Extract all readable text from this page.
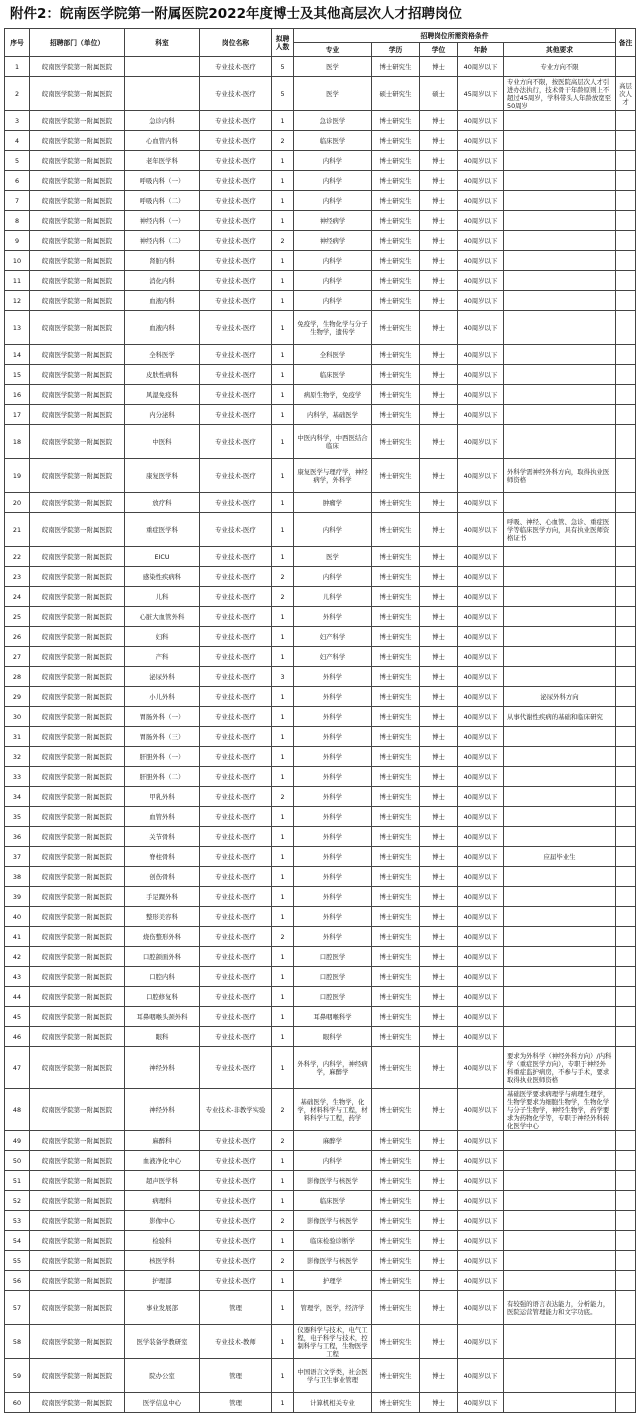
附件2：皖南医学院第一附属医院2022年度博士及其他高层次人才招聘岗位
序号	招聘部门（单位）	科室	岗位名称	拟聘人数	招聘岗位所需资格条件					备注
					专业	学历	学位	年龄	其他要求	
1	皖南医学院第一附属医院		专业技术-医疗	5	医学	博士研究生	博士	40周岁以下	专业方向不限	
2	皖南医学院第一附属医院		专业技术-医疗	5	医学	硕士研究生	硕士	45周岁以下	专业方向不限，按医院高层次人才引进办法执行，技术骨干年龄原则上不超过45周岁，学科带头人年龄放宽至50周岁	高层次人才
3	皖南医学院第一附属医院	急诊内科	专业技术-医疗	1	急诊医学	博士研究生	博士	40周岁以下		
4	皖南医学院第一附属医院	心血管内科	专业技术-医疗	2	临床医学	博士研究生	博士	40周岁以下		
5	皖南医学院第一附属医院	老年医学科	专业技术-医疗	1	内科学	博士研究生	博士	40周岁以下		
6	皖南医学院第一附属医院	呼吸内科（一）	专业技术-医疗	1	内科学	博士研究生	博士	40周岁以下		
7	皖南医学院第一附属医院	呼吸内科（二）	专业技术-医疗	1	内科学	博士研究生	博士	40周岁以下		
8	皖南医学院第一附属医院	神经内科（一）	专业技术-医疗	1	神经病学	博士研究生	博士	40周岁以下		
9	皖南医学院第一附属医院	神经内科（二）	专业技术-医疗	2	神经病学	博士研究生	博士	40周岁以下		
10	皖南医学院第一附属医院	肾脏内科	专业技术-医疗	1	内科学	博士研究生	博士	40周岁以下		
11	皖南医学院第一附属医院	消化内科	专业技术-医疗	1	内科学	博士研究生	博士	40周岁以下		
12	皖南医学院第一附属医院	血液内科	专业技术-医疗	1	内科学	博士研究生	博士	40周岁以下		
13	皖南医学院第一附属医院	血液内科	专业技术-医疗	1	免疫学，生物化学与分子生物学，遗传学	博士研究生	博士	40周岁以下		
14	皖南医学院第一附属医院	全科医学	专业技术-医疗	1	全科医学	博士研究生	博士	40周岁以下		
15	皖南医学院第一附属医院	皮肤性病科	专业技术-医疗	1	临床医学	博士研究生	博士	40周岁以下		
16	皖南医学院第一附属医院	风湿免疫科	专业技术-医疗	1	病原生物学，免疫学	博士研究生	博士	40周岁以下		
17	皖南医学院第一附属医院	内分泌科	专业技术-医疗	1	内科学，基础医学	博士研究生	博士	40周岁以下		
18	皖南医学院第一附属医院	中医科	专业技术-医疗	1	中医内科学，中西医结合临床	博士研究生	博士	40周岁以下		
19	皖南医学院第一附属医院	康复医学科	专业技术-医疗	1	康复医学与理疗学，神经病学，外科学	博士研究生	博士	40周岁以下	外科学需神经外科方向，取得执业医师资格	
20	皖南医学院第一附属医院	放疗科	专业技术-医疗	1	肿瘤学	博士研究生	博士	40周岁以下		
21	皖南医学院第一附属医院	重症医学科	专业技术-医疗	1	内科学	博士研究生	博士	40周岁以下	呼吸、神经、心血管、急诊、重症医学等临床医学方向，具有执业医师资格证书	
22	皖南医学院第一附属医院	EICU	专业技术-医疗	1	医学	博士研究生	博士	40周岁以下		
23	皖南医学院第一附属医院	感染性疾病科	专业技术-医疗	2	内科学	博士研究生	博士	40周岁以下		
24	皖南医学院第一附属医院	儿科	专业技术-医疗	2	儿科学	博士研究生	博士	40周岁以下		
25	皖南医学院第一附属医院	心脏大血管外科	专业技术-医疗	1	外科学	博士研究生	博士	40周岁以下		
26	皖南医学院第一附属医院	妇科	专业技术-医疗	1	妇产科学	博士研究生	博士	40周岁以下		
27	皖南医学院第一附属医院	产科	专业技术-医疗	1	妇产科学	博士研究生	博士	40周岁以下		
28	皖南医学院第一附属医院	泌尿外科	专业技术-医疗	3	外科学	博士研究生	博士	40周岁以下		
29	皖南医学院第一附属医院	小儿外科	专业技术-医疗	1	外科学	博士研究生	博士	40周岁以下	泌尿外科方向	
30	皖南医学院第一附属医院	胃肠外科（一）	专业技术-医疗	1	外科学	博士研究生	博士	40周岁以下	从事代谢性疾病的基础和临床研究	
31	皖南医学院第一附属医院	胃肠外科（三）	专业技术-医疗	1	外科学	博士研究生	博士	40周岁以下		
32	皖南医学院第一附属医院	肝胆外科（一）	专业技术-医疗	1	外科学	博士研究生	博士	40周岁以下		
33	皖南医学院第一附属医院	肝胆外科（二）	专业技术-医疗	1	外科学	博士研究生	博士	40周岁以下		
34	皖南医学院第一附属医院	甲乳外科	专业技术-医疗	2	外科学	博士研究生	博士	40周岁以下		
35	皖南医学院第一附属医院	血管外科	专业技术-医疗	1	外科学	博士研究生	博士	40周岁以下		
36	皖南医学院第一附属医院	关节骨科	专业技术-医疗	1	外科学	博士研究生	博士	40周岁以下		
37	皖南医学院第一附属医院	脊柱骨科	专业技术-医疗	1	外科学	博士研究生	博士	40周岁以下	应届毕业生	
38	皖南医学院第一附属医院	创伤骨科	专业技术-医疗	1	外科学	博士研究生	博士	40周岁以下		
39	皖南医学院第一附属医院	手足踝外科	专业技术-医疗	1	外科学	博士研究生	博士	40周岁以下		
40	皖南医学院第一附属医院	整形美容科	专业技术-医疗	1	外科学	博士研究生	博士	40周岁以下		
41	皖南医学院第一附属医院	烧伤整形外科	专业技术-医疗	2	外科学	博士研究生	博士	40周岁以下		
42	皖南医学院第一附属医院	口腔颌面外科	专业技术-医疗	1	口腔医学	博士研究生	博士	40周岁以下		
43	皖南医学院第一附属医院	口腔内科	专业技术-医疗	1	口腔医学	博士研究生	博士	40周岁以下		
44	皖南医学院第一附属医院	口腔修复科	专业技术-医疗	1	口腔医学	博士研究生	博士	40周岁以下		
45	皖南医学院第一附属医院	耳鼻咽喉头颈外科	专业技术-医疗	1	耳鼻咽喉科学	博士研究生	博士	40周岁以下		
46	皖南医学院第一附属医院	眼科	专业技术-医疗	1	眼科学	博士研究生	博士	40周岁以下		
47	皖南医学院第一附属医院	神经外科	专业技术-医疗	1	外科学，内科学，神经病学，麻醉学	博士研究生	博士	40周岁以下	要求为外科学（神经外科方向）/内科学（重症医学方向），专职于神经外科重症监护病房，不参与手术，要求取得执业医师资格	
48	皖南医学院第一附属医院	神经外科	专业技术-非教学实验	2	基础医学，生物学，化学，材料科学与工程，材料科学与工程，药学	博士研究生	博士	40周岁以下	基础医学要求病理学与病理生理学，生物学要求为细胞生物学，生物化学与分子生物学，神经生物学，药学要求为药物化学等，专职于神经外科转化医学中心	
49	皖南医学院第一附属医院	麻醉科	专业技术-医疗	2	麻醉学	博士研究生	博士	40周岁以下		
50	皖南医学院第一附属医院	血液净化中心	专业技术-医疗	1	内科学	博士研究生	博士	40周岁以下		
51	皖南医学院第一附属医院	超声医学科	专业技术-医疗	1	影像医学与核医学	博士研究生	博士	40周岁以下		
52	皖南医学院第一附属医院	病理科	专业技术-医疗	1	临床医学	博士研究生	博士	40周岁以下		
53	皖南医学院第一附属医院	影像中心	专业技术-医疗	2	影像医学与核医学	博士研究生	博士	40周岁以下		
54	皖南医学院第一附属医院	检验科	专业技术-医疗	1	临床检验诊断学	博士研究生	博士	40周岁以下		
55	皖南医学院第一附属医院	核医学科	专业技术-医疗	2	影像医学与核医学	博士研究生	博士	40周岁以下		
56	皖南医学院第一附属医院	护理部	专业技术-医疗	1	护理学	博士研究生	博士	40周岁以下		
57	皖南医学院第一附属医院	事业发展部	管理	1	管理学，医学，经济学	博士研究生	博士	40周岁以下	有较强的语言表达能力，分析能力，医院运营管理能力和文字功底。	
58	皖南医学院第一附属医院	医学装备学教研室	专业技术-教师	1	仪器科学与技术，电气工程，电子科学与技术，控制科学与工程，生物医学工程	博士研究生	博士	40周岁以下		
59	皖南医学院第一附属医院	院办公室	管理	1	中国语言文学类，社会医学与卫生事业管理	博士研究生	博士	40周岁以下		
60	皖南医学院第一附属医院	医学信息中心	管理	1	计算机相关专业	博士研究生	博士	40周岁以下		
